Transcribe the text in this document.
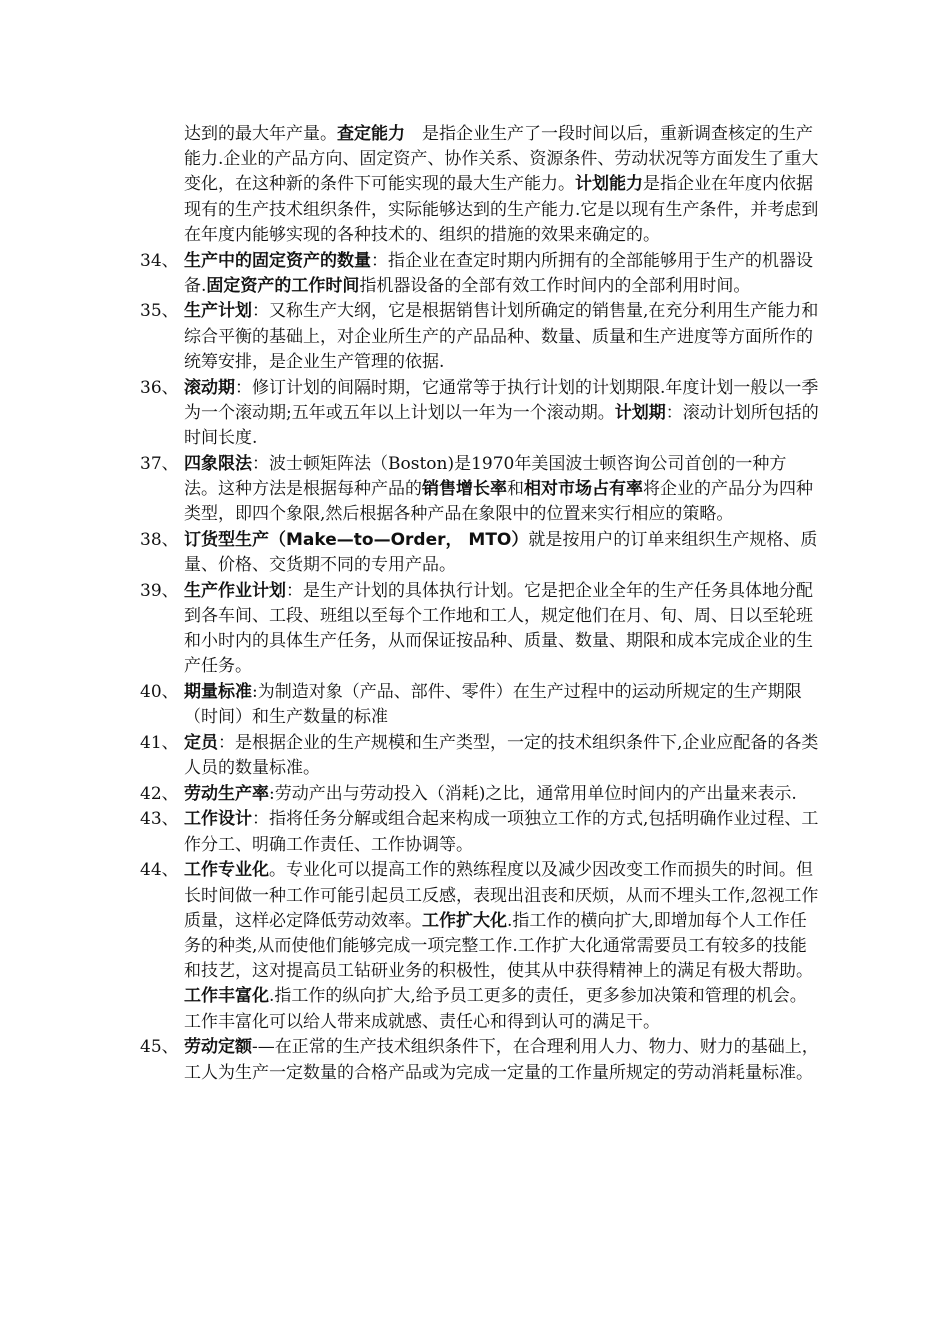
达到的最大年产量。查定能力　是指企业生产了一段时间以后，重新调查核定的生产能力.企业的产品方向、固定资产、协作关系、资源条件、劳动状况等方面发生了重大变化，在这种新的条件下可能实现的最大生产能力。计划能力是指企业在年度内依据现有的生产技术组织条件，实际能够达到的生产能力.它是以现有生产条件，并考虑到在年度内能够实现的各种技术的、组织的措施的效果来确定的。
34、 生产中的固定资产的数量：指企业在查定时期内所拥有的全部能够用于生产的机器设备.固定资产的工作时间指机器设备的全部有效工作时间内的全部利用时间。
35、 生产计划：又称生产大纲，它是根据销售计划所确定的销售量,在充分利用生产能力和综合平衡的基础上，对企业所生产的产品品种、数量、质量和生产进度等方面所作的统筹安排，是企业生产管理的依据.
36、 滚动期：修订计划的间隔时期，它通常等于执行计划的计划期限.年度计划一般以一季为一个滚动期;五年或五年以上计划以一年为一个滚动期。计划期：滚动计划所包括的时间长度.
37、 四象限法：波士顿矩阵法（Boston)是1970年美国波士顿咨询公司首创的一种方法。这种方法是根据每种产品的销售增长率和相对市场占有率将企业的产品分为四种类型，即四个象限,然后根据各种产品在象限中的位置来实行相应的策略。
38、 订货型生产（Make—to—Order， MTO）就是按用户的订单来组织生产规格、质量、价格、交货期不同的专用产品。
39、 生产作业计划：是生产计划的具体执行计划。它是把企业全年的生产任务具体地分配到各车间、工段、班组以至每个工作地和工人，规定他们在月、旬、周、日以至轮班和小时内的具体生产任务，从而保证按品种、质量、数量、期限和成本完成企业的生产任务。
40、 期量标准:为制造对象（产品、部件、零件）在生产过程中的运动所规定的生产期限（时间）和生产数量的标准
41、 定员：是根据企业的生产规模和生产类型，一定的技术组织条件下,企业应配备的各类人员的数量标准。
42、 劳动生产率:劳动产出与劳动投入（消耗)之比，通常用单位时间内的产出量来表示.
43、 工作设计：指将任务分解或组合起来构成一项独立工作的方式,包括明确作业过程、工作分工、明确工作责任、工作协调等。
44、 工作专业化。专业化可以提高工作的熟练程度以及减少因改变工作而损失的时间。但长时间做一种工作可能引起员工反感，表现出沮丧和厌烦，从而不埋头工作,忽视工作质量，这样必定降低劳动效率。工作扩大化.指工作的横向扩大,即增加每个人工作任务的种类,从而使他们能够完成一项完整工作.工作扩大化通常需要员工有较多的技能和技艺，这对提高员工钻研业务的积极性，使其从中获得精神上的满足有极大帮助。工作丰富化.指工作的纵向扩大,给予员工更多的责任，更多参加决策和管理的机会。工作丰富化可以给人带来成就感、责任心和得到认可的满足干。
45、 劳动定额-—在正常的生产技术组织条件下，在合理利用人力、物力、财力的基础上，工人为生产一定数量的合格产品或为完成一定量的工作量所规定的劳动消耗量标准。
